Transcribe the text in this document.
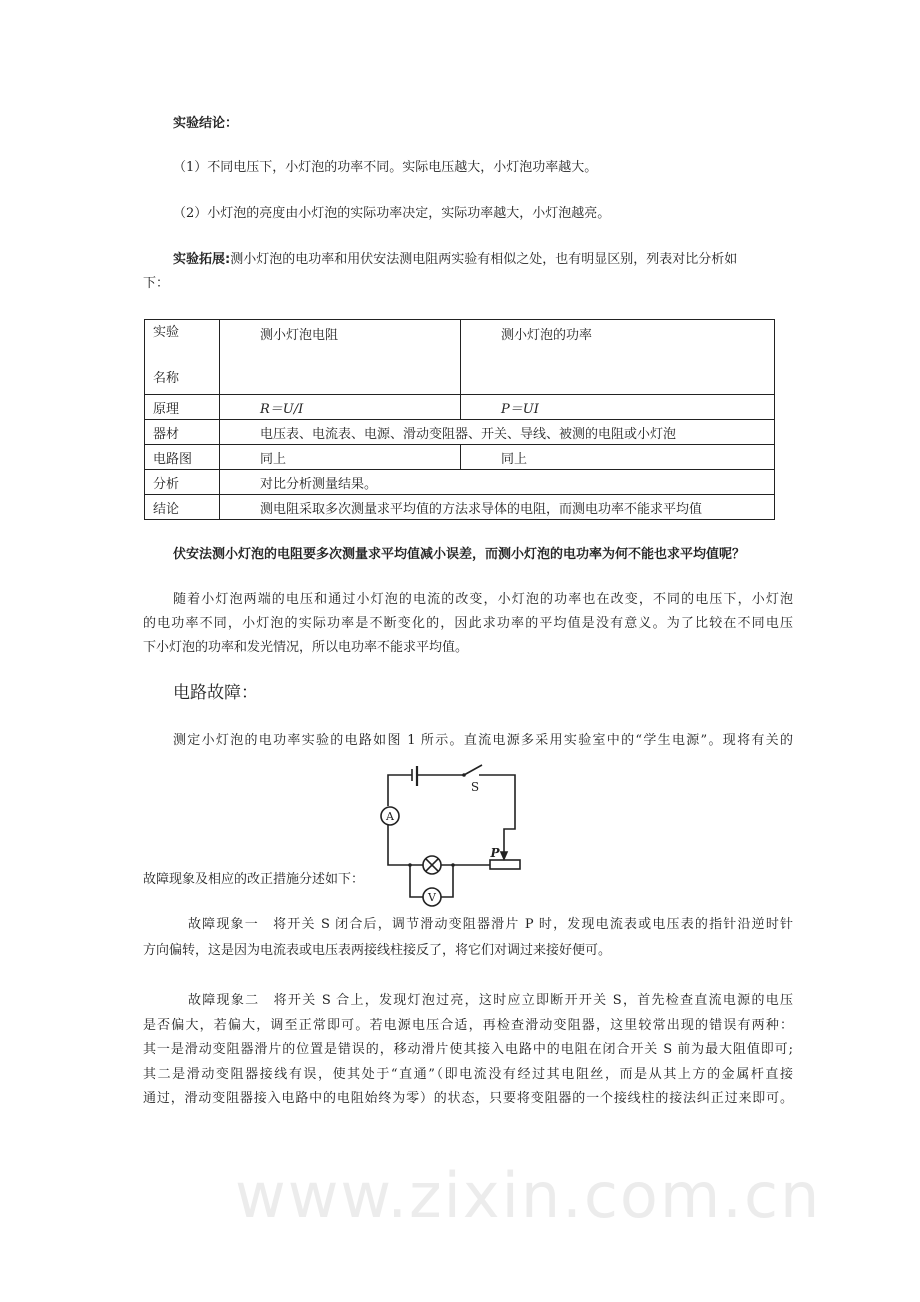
www.zixin.com.cn
实验结论：
（1）不同电压下，小灯泡的功率不同。实际电压越大，小灯泡功率越大。
（2）小灯泡的亮度由小灯泡的实际功率决定，实际功率越大，小灯泡越亮。
实验拓展:测小灯泡的电功率和用伏安法测电阻两实验有相似之处，也有明显区别，列表对比分析如
下：
实验
名称	测小灯泡电阻	测小灯泡的功率
原理	R＝U/I	P＝UI
器材	电压表、电流表、电源、滑动变阻器、开关、导线、被测的电阻或小灯泡	
电路图	同上	同上
分析	对比分析测量结果。	
结论	测电阻采取多次测量求平均值的方法求导体的电阻，而测电功率不能求平均值	
伏安法测小灯泡的电阻要多次测量求平均值减小误差，而测小灯泡的电功率为何不能也求平均值呢？
随着小灯泡两端的电压和通过小灯泡的电流的改变，小灯泡的功率也在改变，不同的电压下，小灯泡
的电功率不同，小灯泡的实际功率是不断变化的，因此求功率的平均值是没有意义。为了比较在不同电压
下小灯泡的功率和发光情况，所以电功率不能求平均值。
电路故障：
测定小灯泡的电功率实验的电路如图 1 所示。直流电源多采用实验室中的“学生电源”。现将有关的
S
A
V
P
故障现象及相应的改正措施分述如下：
故障现象一　将开关 S 闭合后，调节滑动变阻器滑片 P 时，发现电流表或电压表的指针沿逆时针
方向偏转，这是因为电流表或电压表两接线柱接反了，将它们对调过来接好便可。
故障现象二　将开关 S 合上，发现灯泡过亮，这时应立即断开开关 S，首先检查直流电源的电压
是否偏大，若偏大，调至正常即可。若电源电压合适，再检查滑动变阻器，这里较常出现的错误有两种：
其一是滑动变阻器滑片的位置是错误的，移动滑片使其接入电路中的电阻在闭合开关 S 前为最大阻值即可;
其二是滑动变阻器接线有误，使其处于“直通”（即电流没有经过其电阻丝，而是从其上方的金属杆直接
通过，滑动变阻器接入电路中的电阻始终为零）的状态，只要将变阻器的一个接线柱的接法纠正过来即可。
